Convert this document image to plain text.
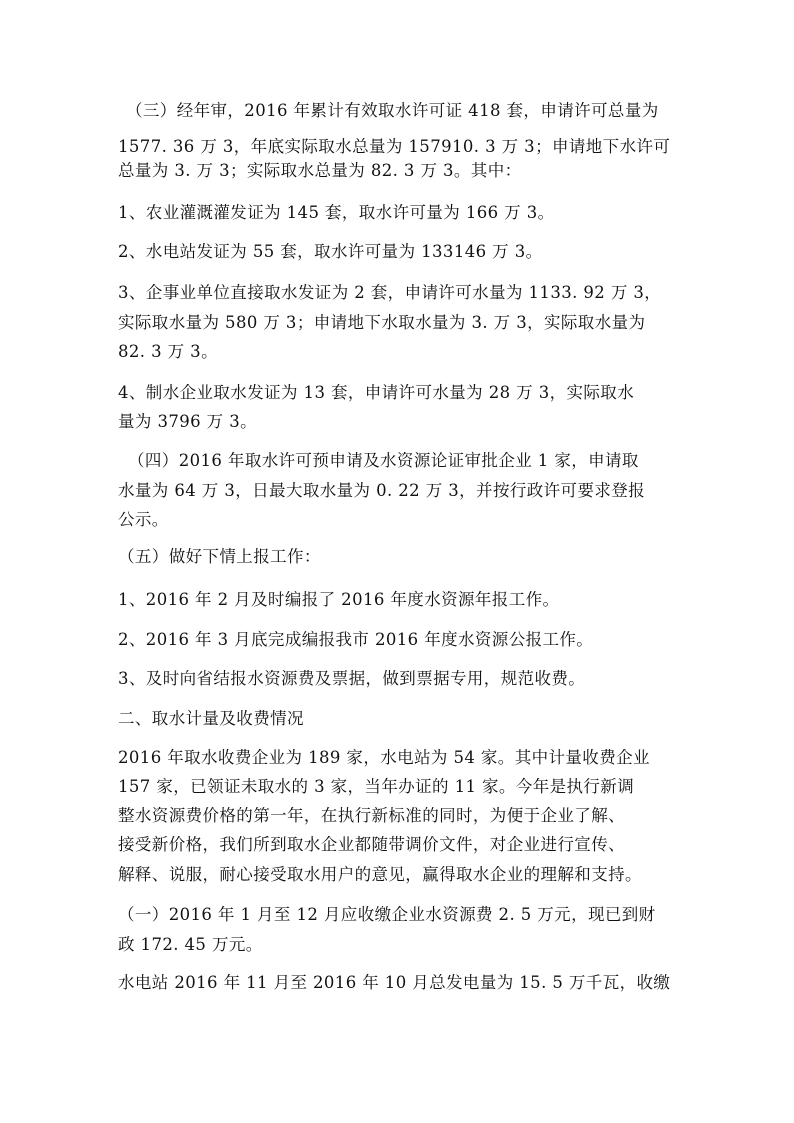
（三）经年审，2016 年累计有效取水许可证 418 套，申请许可总量为
1577. 36 万 3，年底实际取水总量为 157910. 3 万 3；申请地下水许可
总量为 3. 万 3；实际取水总量为 82. 3 万 3。其中：
1、农业灌溉灌发证为 145 套，取水许可量为 166 万 3。
2、水电站发证为 55 套，取水许可量为 133146 万 3。
3、企事业单位直接取水发证为 2 套，申请许可水量为 1133. 92 万 3，
实际取水量为 580 万 3；申请地下水取水量为 3. 万 3，实际取水量为
82. 3 万 3。
4、制水企业取水发证为 13 套，申请许可水量为 28 万 3，实际取水
量为 3796 万 3。
（四）2016 年取水许可预申请及水资源论证审批企业 1 家，申请取
水量为 64 万 3，日最大取水量为 0. 22 万 3，并按行政许可要求登报
公示。
（五）做好下情上报工作：
1、2016 年 2 月及时编报了 2016 年度水资源年报工作。
2、2016 年 3 月底完成编报我市 2016 年度水资源公报工作。
3、及时向省结报水资源费及票据，做到票据专用，规范收费。
二、取水计量及收费情况
2016 年取水收费企业为 189 家，水电站为 54 家。其中计量收费企业
157 家，已领证未取水的 3 家，当年办证的 11 家。今年是执行新调
整水资源费价格的第一年，在执行新标准的同时，为便于企业了解、
接受新价格，我们所到取水企业都随带调价文件，对企业进行宣传、
解释、说服，耐心接受取水用户的意见，赢得取水企业的理解和支持。
（一）2016 年 1 月至 12 月应收缴企业水资源费 2. 5 万元，现已到财
政 172. 45 万元。
水电站 2016 年 11 月至 2016 年 10 月总发电量为 15. 5 万千瓦，收缴
